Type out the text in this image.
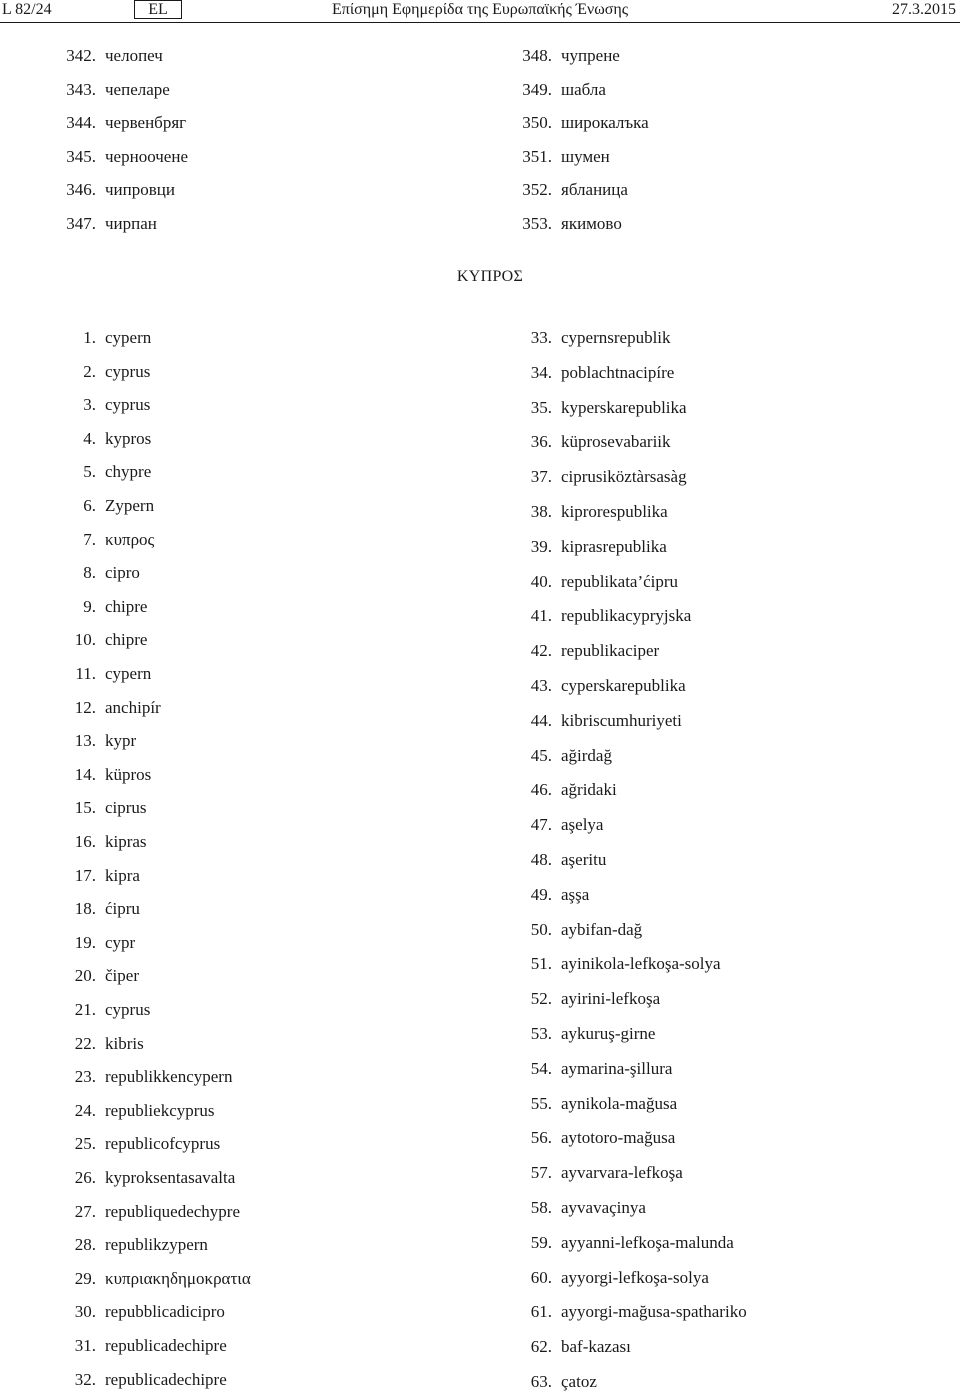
L 82/24	EL	Επίσημη Εφημερίδα της Ευρωπαϊκής Ένωσης	27.3.2015
342. челопеч
343. чепеларе
344. червенбряг
345. черноочене
346. чипровци
347. чирпан
348. чупрене
349. шабла
350. широкалъка
351. шумен
352. ябланица
353. якимово
ΚΥΠΡΟΣ
1. cypern
2. cyprus
3. cyprus
4. kypros
5. chypre
6. Zypern
7. κυπρος
8. cipro
9. chipre
10. chipre
11. cypern
12. anchipír
13. kypr
14. küpros
15. ciprus
16. kipras
17. kipra
18. ćipru
19. cypr
20. čiper
21. cyprus
22. kibris
23. republikkencypern
24. republiekcyprus
25. republicofcyprus
26. kyproksentasavalta
27. republiquedechypre
28. republikzypern
29. κυπριακηδημοκρατια
30. repubblicadicipro
31. republicadechipre
32. republicadechipre
33. cypernsrepublik
34. poblachtnacipíre
35. kyperskarepublika
36. küprosevabariik
37. ciprusiköztàrsasàg
38. kiprorespublika
39. kiprasrepublika
40. republikata’ćipru
41. republikacypryjska
42. republikaciper
43. cyperskarepublika
44. kibriscumhuriyeti
45. ağirdağ
46. ağridaki
47. aşelya
48. aşeritu
49. aşşa
50. aybifan-dağ
51. ayinikola-lefkoşa-solya
52. ayirini-lefkoşa
53. aykuruş-girne
54. aymarina-şillura
55. aynikola-mağusa
56. aytotoro-mağusa
57. ayvarvara-lefkoşa
58. ayvavaçinya
59. ayyanni-lefkoşa-malunda
60. ayyorgi-lefkoşa-solya
61. ayyorgi-mağusa-spathariko
62. baf-kazası
63. çatoz
